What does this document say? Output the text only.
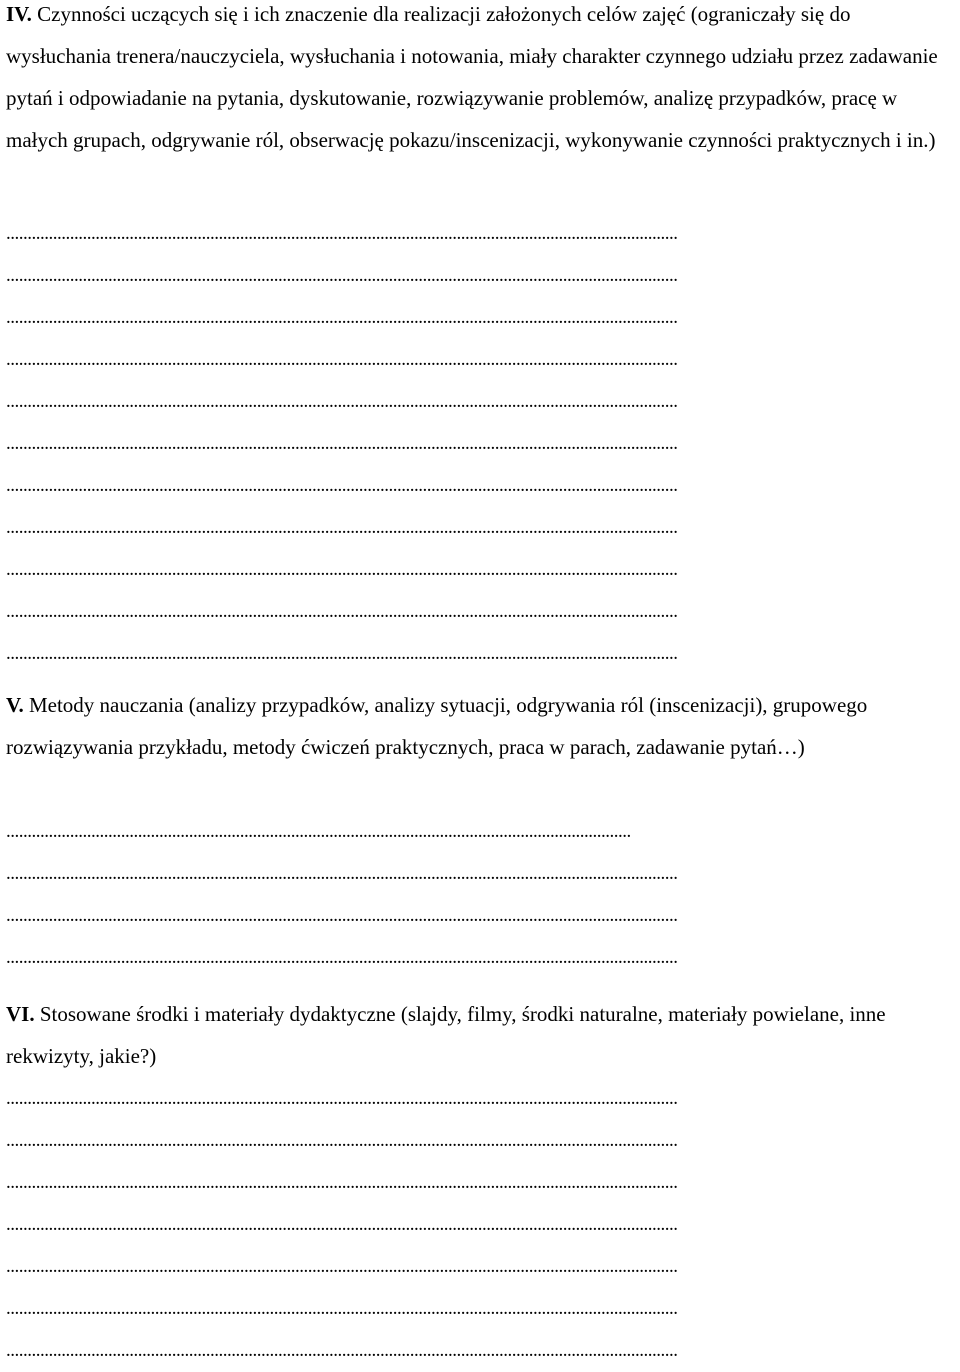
IV. Czynności uczących się i ich znaczenie dla realizacji założonych celów zajęć (ograniczały się do wysłuchania trenera/nauczyciela, wysłuchania i notowania, miały charakter czynnego udziału przez zadawanie pytań i odpowiadanie na pytania, dyskutowanie, rozwiązywanie problemów, analizę przypadków, pracę w małych grupach, odgrywanie ról, obserwację pokazu/inscenizacji, wykonywanie czynności praktycznych i in.)

..............................................................................................................................................................
..............................................................................................................................................................
..............................................................................................................................................................
..............................................................................................................................................................
..............................................................................................................................................................
..............................................................................................................................................................
..............................................................................................................................................................
..............................................................................................................................................................
..............................................................................................................................................................
..............................................................................................................................................................
..............................................................................................................................................................

V. Metody nauczania (analizy przypadków, analizy sytuacji, odgrywania ról (inscenizacji), grupowego rozwiązywania przykładu, metody ćwiczeń praktycznych, praca w parach, zadawanie pytań…)

...................................................................................................................................................
..............................................................................................................................................................
..............................................................................................................................................................
..............................................................................................................................................................

VI. Stosowane środki i materiały dydaktyczne (slajdy, filmy, środki naturalne, materiały powielane, inne rekwizyty, jakie?)

..............................................................................................................................................................
..............................................................................................................................................................
..............................................................................................................................................................
..............................................................................................................................................................
..............................................................................................................................................................
..............................................................................................................................................................
..............................................................................................................................................................
